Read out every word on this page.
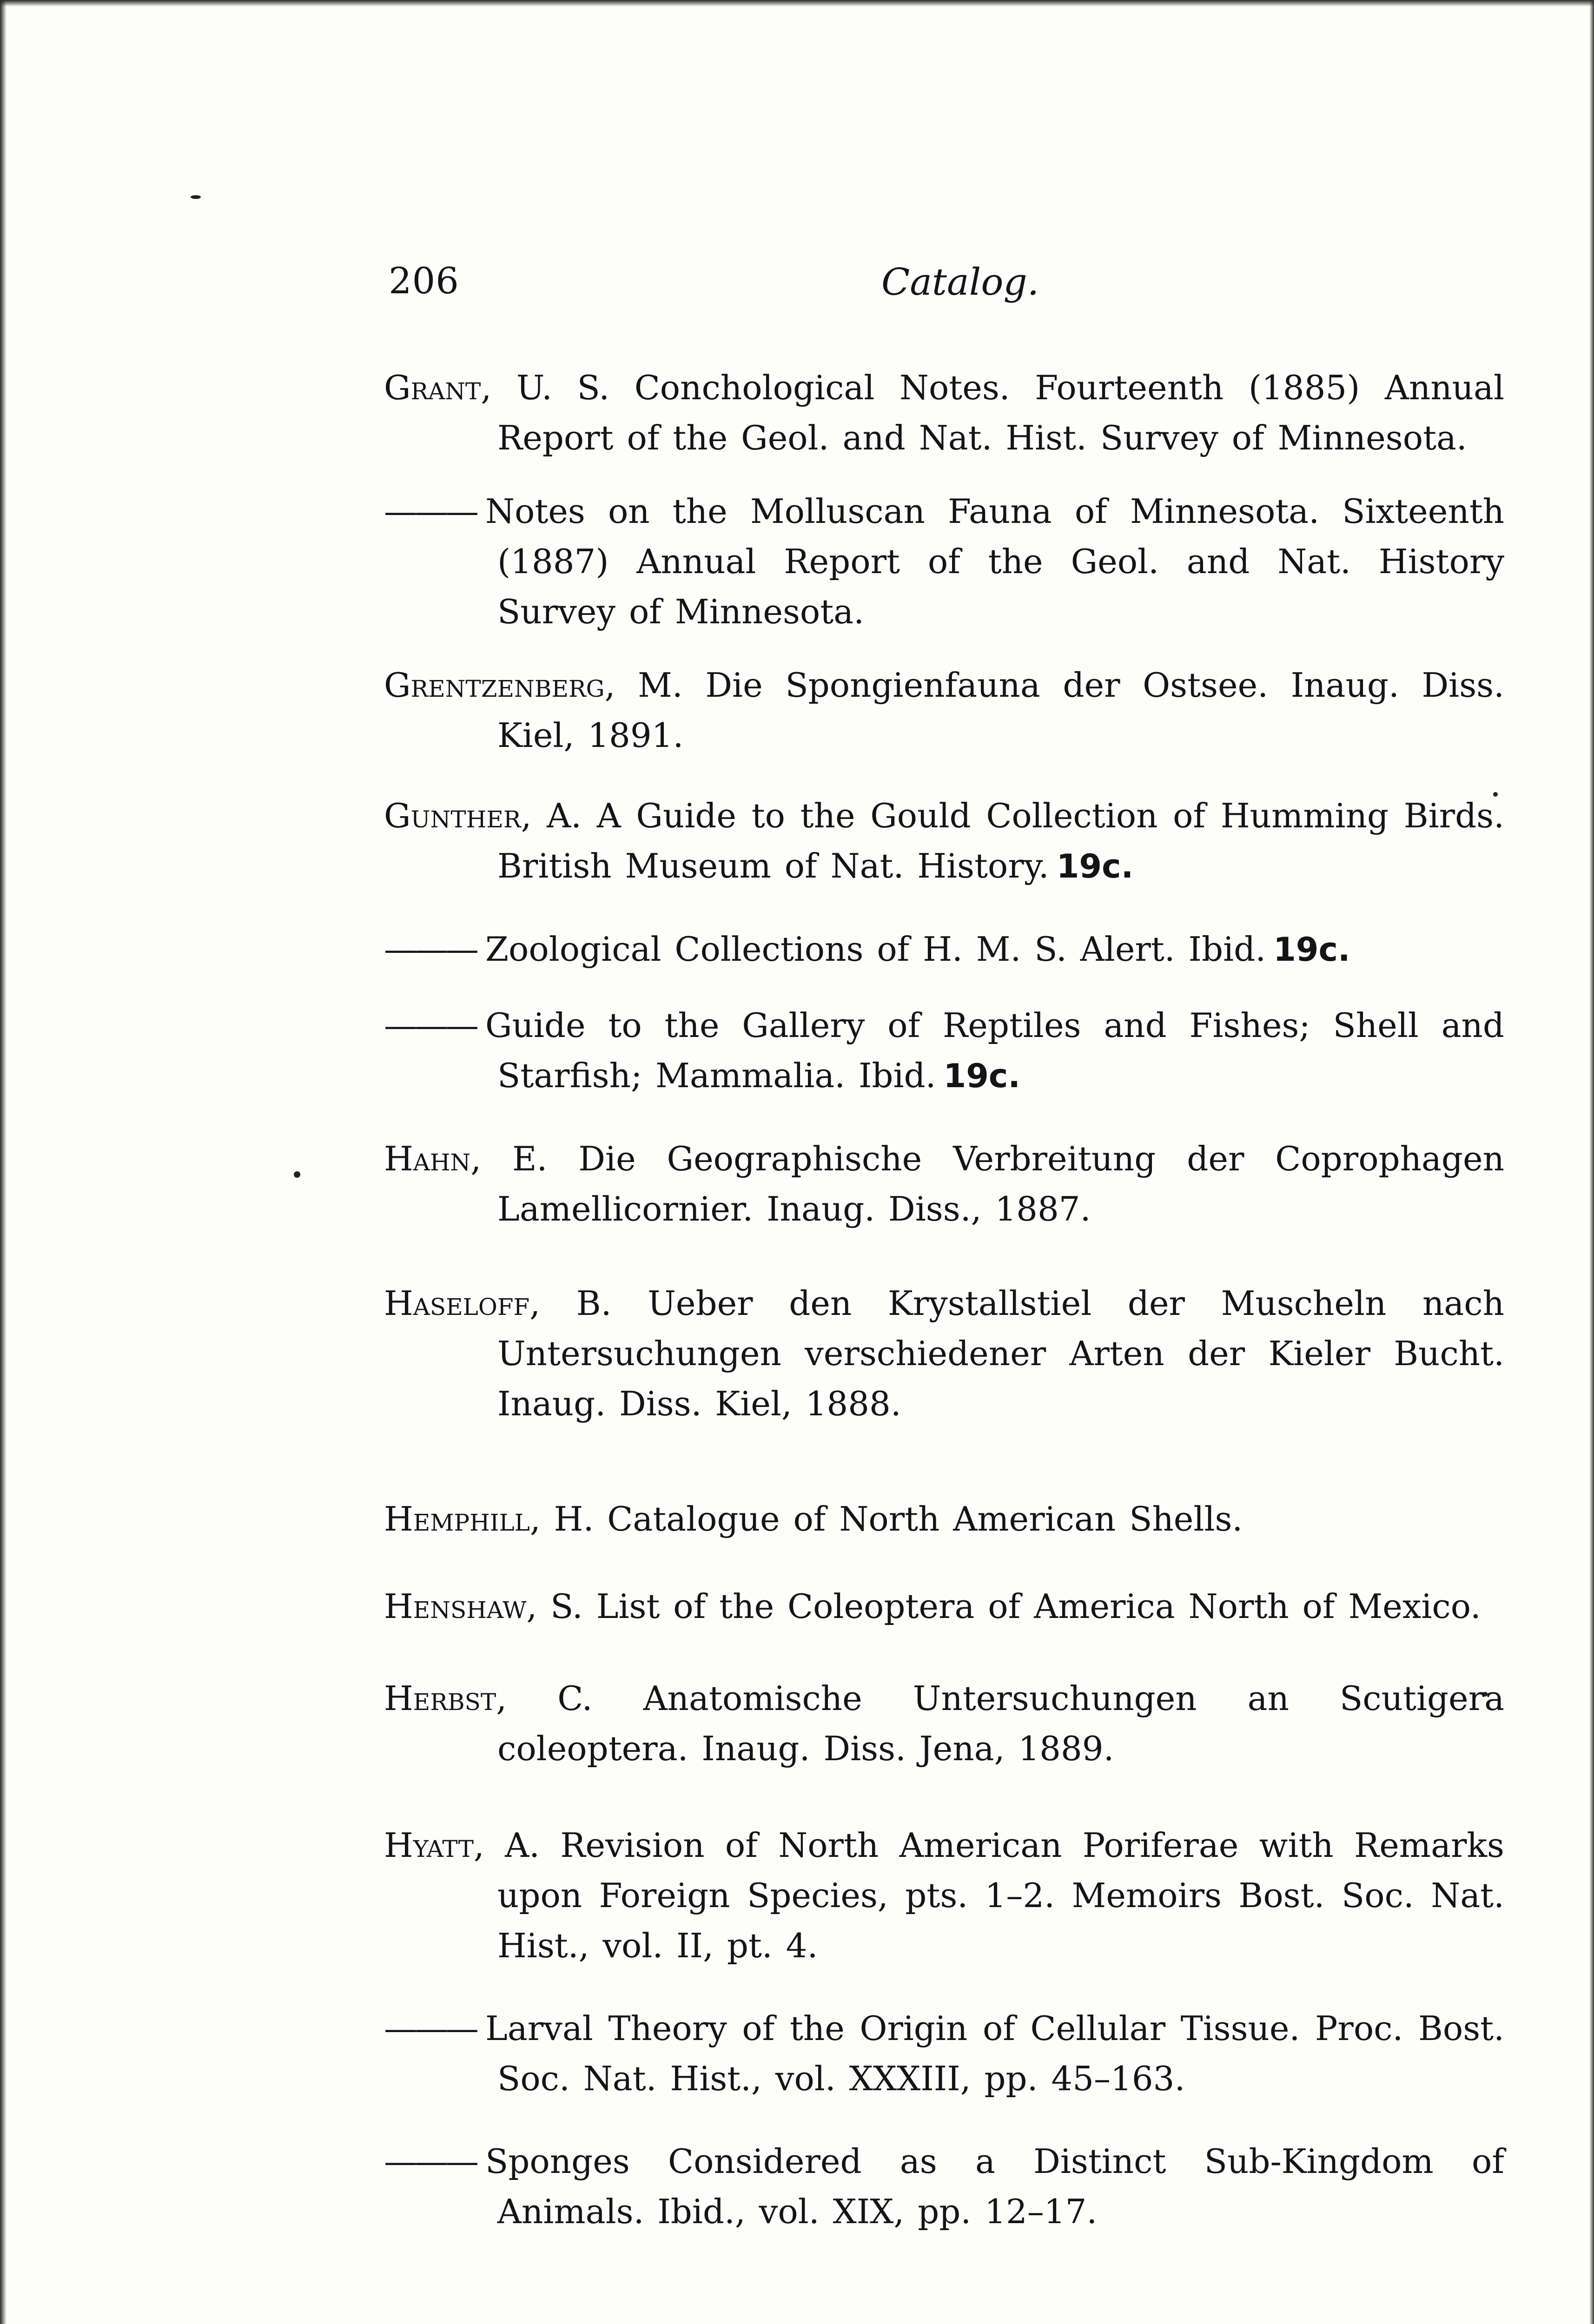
206	Catalog.

Grant, U. S. Conchological Notes. Fourteenth (1885) Annual Report of the Geol. and Nat. Hist. Survey of Minnesota.

——— Notes on the Molluscan Fauna of Minnesota. Sixteenth (1887) Annual Report of the Geol. and Nat. History Survey of Minnesota.

Grentzenberg, M. Die Spongienfauna der Ostsee. Inaug. Diss. Kiel, 1891.

Gunther, A. A Guide to the Gould Collection of Humming Birds. British Museum of Nat. History. 19c.

——— Zoological Collections of H. M. S. Alert. Ibid. 19c.

——— Guide to the Gallery of Reptiles and Fishes; Shell and Starfish; Mammalia. Ibid. 19c.

Hahn, E. Die Geographische Verbreitung der Coprophagen Lamellicornier. Inaug. Diss., 1887.

Haseloff, B. Ueber den Krystallstiel der Muscheln nach Untersuchungen verschiedener Arten der Kieler Bucht. Inaug. Diss. Kiel, 1888.

Hemphill, H. Catalogue of North American Shells.

Henshaw, S. List of the Coleoptera of America North of Mexico.

Herbst, C. Anatomische Untersuchungen an Scutigera coleoptera. Inaug. Diss. Jena, 1889.

Hyatt, A. Revision of North American Poriferae with Remarks upon Foreign Species, pts. 1–2. Memoirs Bost. Soc. Nat. Hist., vol. II, pt. 4.

——— Larval Theory of the Origin of Cellular Tissue. Proc. Bost. Soc. Nat. Hist., vol. XXXIII, pp. 45–163.

——— Sponges Considered as a Distinct Sub-Kingdom of Animals. Ibid., vol. XIX, pp. 12–17.
